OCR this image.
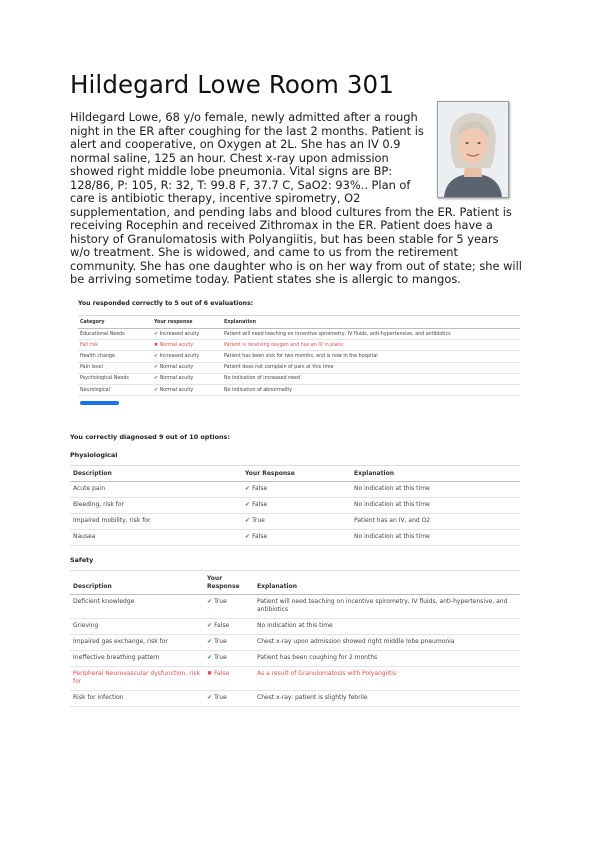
Hildegard Lowe Room 301

Hildegard Lowe, 68 y/o female, newly admitted after a rough night in the ER after coughing for the last 2 months. Patient is alert and cooperative, on Oxygen at 2L. She has an IV 0.9 normal saline, 125 an hour. Chest x-ray upon admission showed right middle lobe pneumonia. Vital signs are BP: 128/86, P: 105, R: 32, T: 99.8 F, 37.7 C, SaO2: 93%.. Plan of care is antibiotic therapy, incentive spirometry, O2 supplementation, and pending labs and blood cultures from the ER. Patient is receiving Rocephin and received Zithromax in the ER. Patient does have a history of Granulomatosis with Polyangiitis, but has been stable for 5 years w/o treatment. She is widowed, and came to us from the retirement community. She has one daughter who is on her way from out of state; she will be arriving sometime today. Patient states she is allergic to mangos.

You responded correctly to 5 out of 6 evaluations:

Category	Your response	Explanation
Educational Needs	✔ Increased acuity	Patient will need teaching on incentive spirometry, IV fluids, anti-hypertensive, and antibiotics
Fall risk	✖ Normal acuity	Patient is receiving oxygen and has an IV in place
Health change	✔ Increased acuity	Patient has been sick for two months, and is now in the hospital
Pain level	✔ Normal acuity	Patient does not complain of pain at this time
Psychological Needs	✔ Normal acuity	No indication of increased need
Neurological	✔ Normal acuity	No indication of abnormality

You correctly diagnosed 9 out of 10 options:

Physiological

Description	Your Response	Explanation
Acute pain	✔ False	No indication at this time
Bleeding, risk for	✔ False	No indication at this time
Impaired mobility, risk for	✔ True	Patient has an IV, and O2
Nausea	✔ False	No indication at this time

Safety

Description	Your Response	Explanation
Deficient knowledge	✔ True	Patient will need teaching on incentive spirometry, IV fluids, anti-hypertensive, and antibiotics
Grieving	✔ False	No indication at this time
Impaired gas exchange, risk for	✔ True	Chest x-ray upon admission showed right middle lobe pneumonia
Ineffective breathing pattern	✔ True	Patient has been coughing for 2 months
Peripheral Neurovascular dysfunction, risk for	✖ False	As a result of Granulomatosis with Polyangiitis
Risk for infection	✔ True	Chest x-ray: patient is slightly febrile
